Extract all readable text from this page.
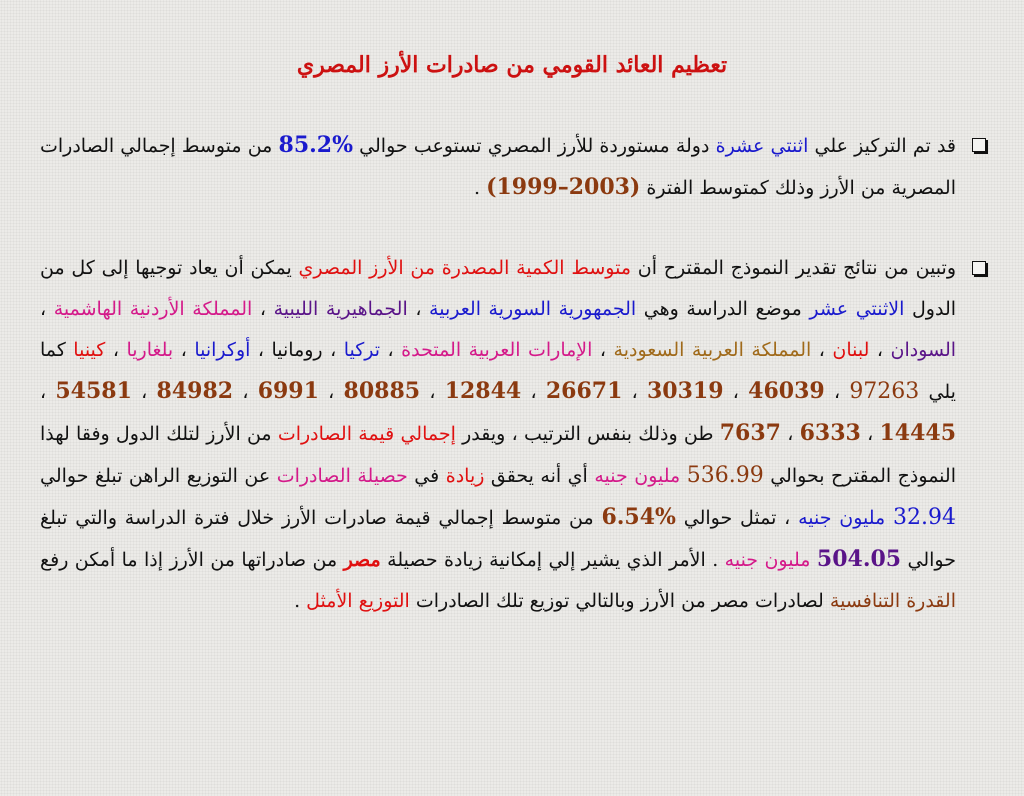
تعظيم العائد القومي من صادرات الأرز المصري
قد تم التركيز علي اثنتي عشرة دولة مستوردة للأرز المصري تستوعب حوالي 85.2% من متوسط إجمالي الصادرات المصرية من الأرز وذلك كمتوسط الفترة (1999–2003) .
وتبين من نتائج تقدير النموذج المقترح أن متوسط الكمية المصدرة من الأرز المصري يمكن أن يعاد توجيها إلى كل من الدول الاثنتي عشر موضع الدراسة وهي الجمهورية السورية العربية ، الجماهيرية الليبية ، المملكة الأردنية الهاشمية ، السودان ، لبنان ، المملكة العربية السعودية ، الإمارات العربية المتحدة ، تركيا ، رومانيا ، أوكرانيا ، بلغاريا ، كينيا كما يلي 97263 ، 46039 ، 30319 ، 26671 ، 12844 ، 80885 ، 6991 ، 84982 ، 54581 ، 14445 ، 6333 ، 7637 طن وذلك بنفس الترتيب ، ويقدر إجمالي قيمة الصادرات من الأرز لتلك الدول وفقا لهذا النموذج المقترح بحوالي 536.99 مليون جنيه أي أنه يحقق زيادة في حصيلة الصادرات عن التوزيع الراهن تبلغ حوالي 32.94 مليون جنيه ، تمثل حوالي 6.54% من متوسط إجمالي قيمة صادرات الأرز خلال فترة الدراسة والتي تبلغ حوالي 504.05 مليون جنيه . الأمر الذي يشير إلي إمكانية زيادة حصيلة مصر من صادراتها من الأرز إذا ما أمكن رفع القدرة التنافسية لصادرات مصر من الأرز وبالتالي توزيع تلك الصادرات التوزيع الأمثل .
